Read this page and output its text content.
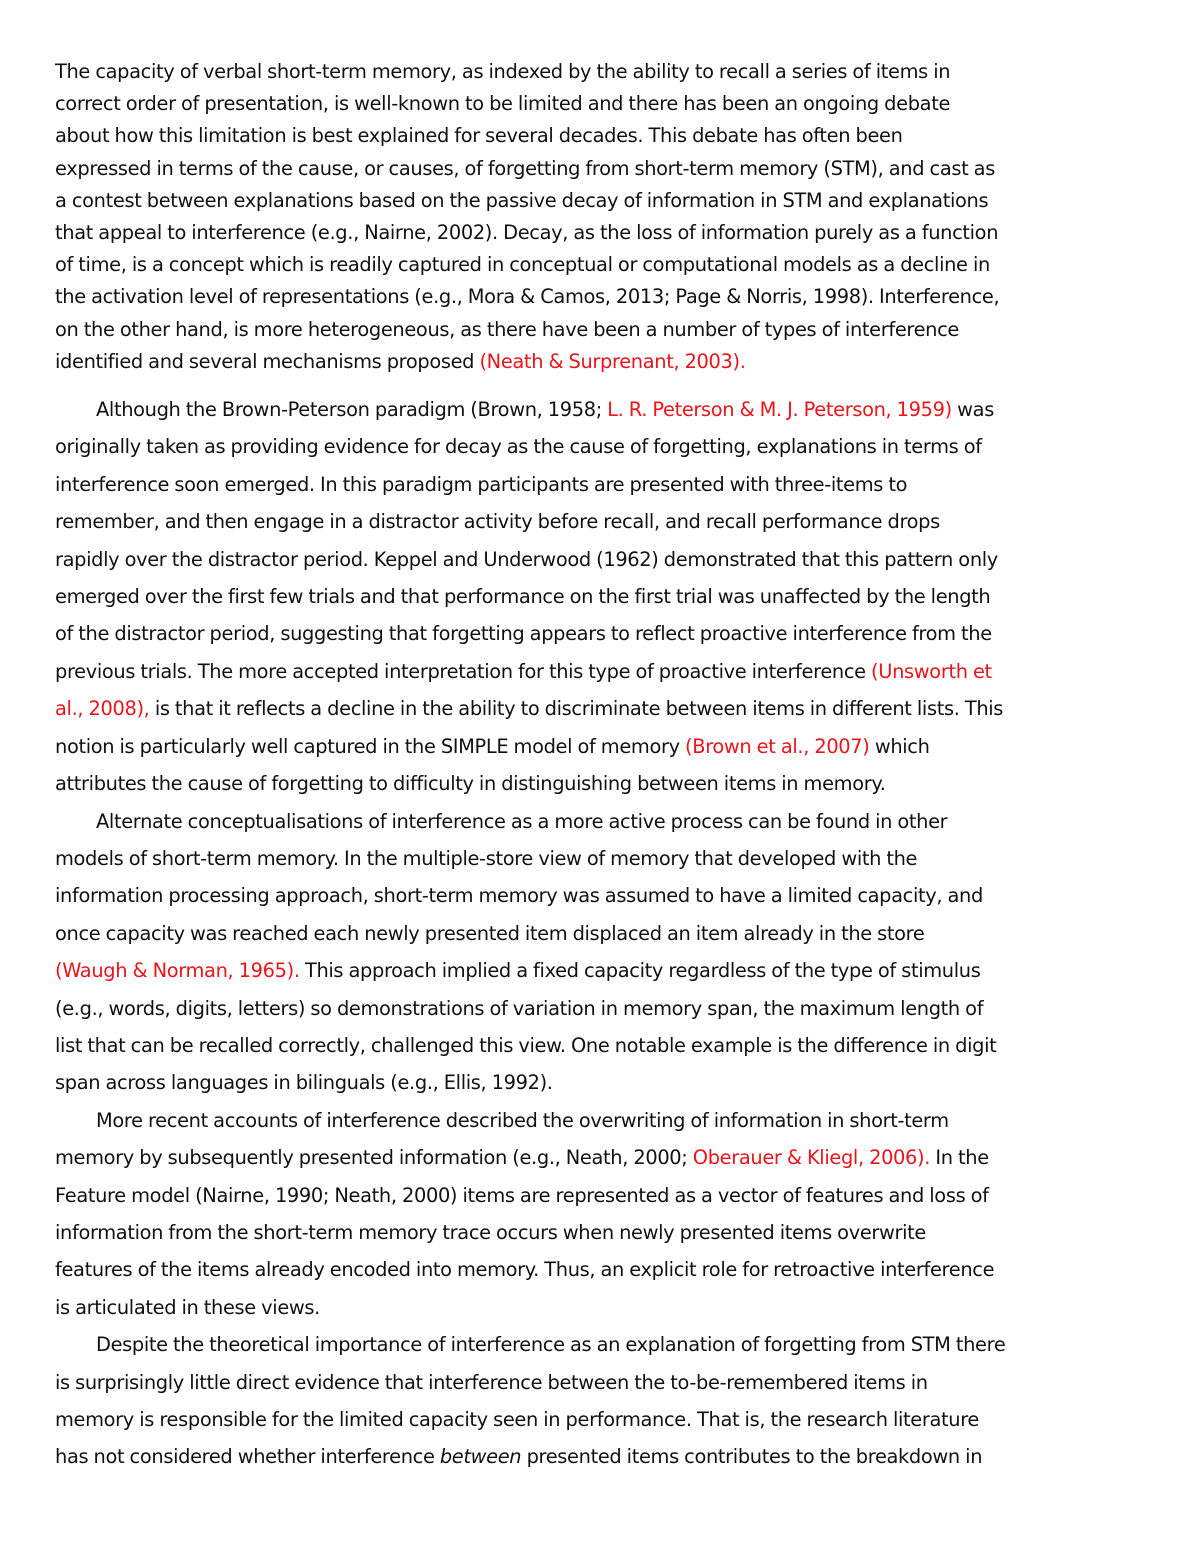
The capacity of verbal short-term memory, as indexed by the ability to recall a series of items in
correct order of presentation, is well-known to be limited and there has been an ongoing debate
about how this limitation is best explained for several decades. This debate has often been
expressed in terms of the cause, or causes, of forgetting from short-term memory (STM), and cast as
a contest between explanations based on the passive decay of information in STM and explanations
that appeal to interference (e.g., Nairne, 2002). Decay, as the loss of information purely as a function
of time, is a concept which is readily captured in conceptual or computational models as a decline in
the activation level of representations (e.g., Mora & Camos, 2013; Page & Norris, 1998). Interference,
on the other hand, is more heterogeneous, as there have been a number of types of interference
identified and several mechanisms proposed (Neath & Surprenant, 2003).

Although the Brown-Peterson paradigm (Brown, 1958; L. R. Peterson & M. J. Peterson, 1959) was
originally taken as providing evidence for decay as the cause of forgetting, explanations in terms of
interference soon emerged. In this paradigm participants are presented with three-items to
remember, and then engage in a distractor activity before recall, and recall performance drops
rapidly over the distractor period. Keppel and Underwood (1962) demonstrated that this pattern only
emerged over the first few trials and that performance on the first trial was unaffected by the length
of the distractor period, suggesting that forgetting appears to reflect proactive interference from the
previous trials. The more accepted interpretation for this type of proactive interference (Unsworth et
al., 2008), is that it reflects a decline in the ability to discriminate between items in different lists. This
notion is particularly well captured in the SIMPLE model of memory (Brown et al., 2007) which
attributes the cause of forgetting to difficulty in distinguishing between items in memory.

Alternate conceptualisations of interference as a more active process can be found in other
models of short-term memory. In the multiple-store view of memory that developed with the
information processing approach, short-term memory was assumed to have a limited capacity, and
once capacity was reached each newly presented item displaced an item already in the store
(Waugh & Norman, 1965). This approach implied a fixed capacity regardless of the type of stimulus
(e.g., words, digits, letters) so demonstrations of variation in memory span, the maximum length of
list that can be recalled correctly, challenged this view. One notable example is the difference in digit
span across languages in bilinguals (e.g., Ellis, 1992).

More recent accounts of interference described the overwriting of information in short-term
memory by subsequently presented information (e.g., Neath, 2000; Oberauer & Kliegl, 2006). In the
Feature model (Nairne, 1990; Neath, 2000) items are represented as a vector of features and loss of
information from the short-term memory trace occurs when newly presented items overwrite
features of the items already encoded into memory. Thus, an explicit role for retroactive interference
is articulated in these views.

Despite the theoretical importance of interference as an explanation of forgetting from STM there
is surprisingly little direct evidence that interference between the to-be-remembered items in
memory is responsible for the limited capacity seen in performance. That is, the research literature
has not considered whether interference between presented items contributes to the breakdown in
